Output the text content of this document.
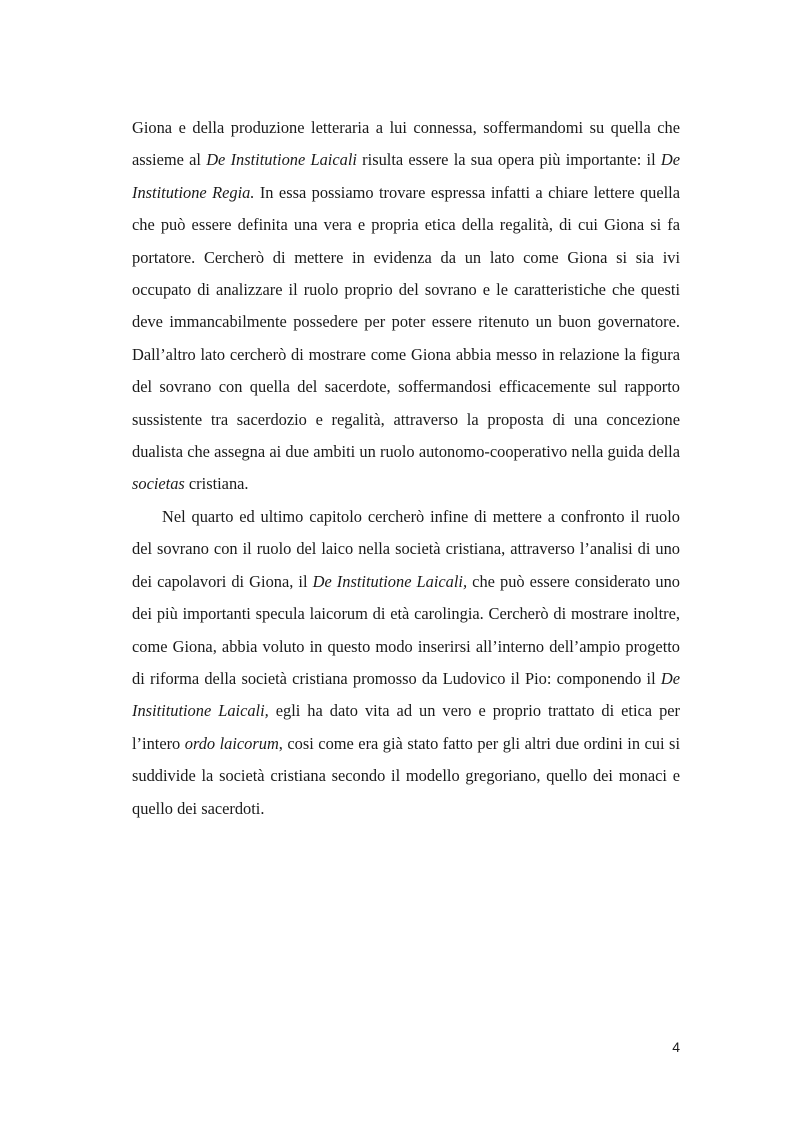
Giona e della produzione letteraria a lui connessa, soffermandomi su quella che assieme al De Institutione Laicali risulta essere la sua opera più importante: il De Institutione Regia. In essa possiamo trovare espressa infatti a chiare lettere quella che può essere definita una vera e propria etica della regalità, di cui Giona si fa portatore. Cercherò di mettere in evidenza da un lato come Giona si sia ivi occupato di analizzare il ruolo proprio del sovrano e le caratteristiche che questi deve immancabilmente possedere per poter essere ritenuto un buon governatore. Dall’altro lato cercherò di mostrare come Giona abbia messo in relazione la figura del sovrano con quella del sacerdote, soffermandosi efficacemente sul rapporto sussistente tra sacerdozio e regalità, attraverso la proposta di una concezione dualista che assegna ai due ambiti un ruolo autonomo-cooperativo nella guida della societas cristiana.

Nel quarto ed ultimo capitolo cercherò infine di mettere a confronto il ruolo del sovrano con il ruolo del laico nella società cristiana, attraverso l’analisi di uno dei capolavori di Giona, il De Institutione Laicali, che può essere considerato uno dei più importanti specula laicorum di età carolingia. Cercherò di mostrare inoltre, come Giona, abbia voluto in questo modo inserirsi all’interno dell’ampio progetto di riforma della società cristiana promosso da Ludovico il Pio: componendo il De Insititutione Laicali, egli ha dato vita ad un vero e proprio trattato di etica per l’intero ordo laicorum, cosi come era già stato fatto per gli altri due ordini in cui si suddivide la società cristiana secondo il modello gregoriano, quello dei monaci e quello dei sacerdoti.

4
